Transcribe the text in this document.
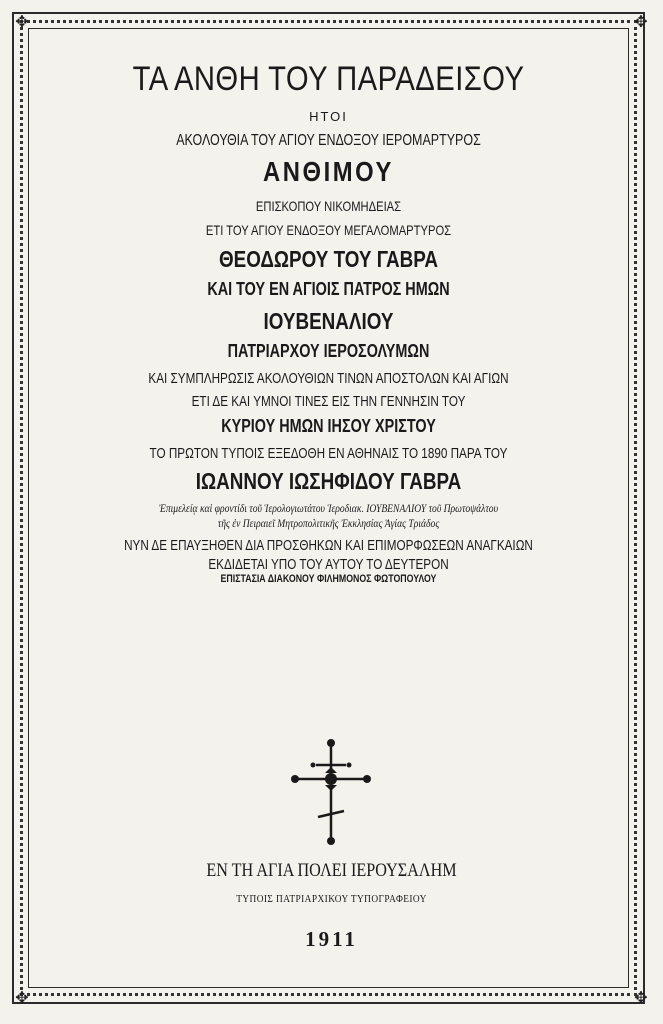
✥	✥
✥	✥

ΤΑ ΑΝΘΗ ΤΟΥ ΠΑΡΑΔΕΙΣΟΥ

ΗΤΟΙ

ΑΚΟΛΟΥΘΙΑ ΤΟΥ ΑΓΙΟΥ ΕΝΔΟΞΟΥ ΙΕΡΟΜΑΡΤΥΡΟΣ

ΑΝΘΙΜΟΥ

ΕΠΙΣΚΟΠΟΥ ΝΙΚΟΜΗΔΕΙΑΣ

ΕΤΙ ΤΟΥ ΑΓΙΟΥ ΕΝΔΟΞΟΥ ΜΕΓΑΛΟΜΑΡΤΥΡΟΣ

ΘΕΟΔΩΡΟΥ ΤΟΥ ΓΑΒΡΑ

ΚΑΙ ΤΟΥ ΕΝ ΑΓΙΟΙΣ ΠΑΤΡΟΣ ΗΜΩΝ

ΙΟΥΒΕΝΑΛΙΟΥ

ΠΑΤΡΙΑΡΧΟΥ ΙΕΡΟΣΟΛΥΜΩΝ

ΚΑΙ ΣΥΜΠΛΗΡΩΣΙΣ ΑΚΟΛΟΥΘΙΩΝ ΤΙΝΩΝ ΑΠΟΣΤΟΛΩΝ ΚΑΙ ΑΓΙΩΝ

ΕΤΙ ΔΕ ΚΑΙ ΥΜΝΟΙ ΤΙΝΕΣ ΕΙΣ ΤΗΝ ΓΕΝΝΗΣΙΝ ΤΟΥ

ΚΥΡΙΟΥ ΗΜΩΝ ΙΗΣΟΥ ΧΡΙΣΤΟΥ

ΤΟ ΠΡΩΤΟΝ ΤΥΠΟΙΣ ΕΞΕΔΟΘΗ ΕΝ ΑΘΗΝΑΙΣ ΤΟ 1890 ΠΑΡΑ ΤΟΥ

ΙΩΑΝΝΟΥ ΙΩΣΗΦΙΔΟΥ ΓΑΒΡΑ

Ἐπιμελείᾳ καὶ φροντίδι τοῦ Ἱερολογιωτάτου Ἱεροδιακ. ΙΟΥΒΕΝΑΛΙΟΥ τοῦ Πρωτοψάλτου

τῆς ἐν Πειραιεῖ Μητροπολιτικῆς Ἐκκλησίας Ἁγίας Τριάδος

ΝΥΝ ΔΕ ΕΠΑΥΞΗΘΕΝ ΔΙΑ ΠΡΟΣΘΗΚΩΝ ΚΑΙ ΕΠΙΜΟΡΦΩΣΕΩΝ ΑΝΑΓΚΑΙΩΝ

ΕΚΔΙΔΕΤΑΙ ΥΠΟ ΤΟΥ ΑΥΤΟΥ ΤΟ ΔΕΥΤΕΡΟΝ

ΕΠΙΣΤΑΣΙΑ ΔΙΑΚΟΝΟΥ ΦΙΛΗΜΟΝΟΣ ΦΩΤΟΠΟΥΛΟΥ

ΕΝ ΤΗ ΑΓΙΑ ΠΟΛΕΙ ΙΕΡΟΥΣΑΛΗΜ

ΤΥΠΟΙΣ ΠΑΤΡΙΑΡΧΙΚΟΥ ΤΥΠΟΓΡΑΦΕΙΟΥ

1911
